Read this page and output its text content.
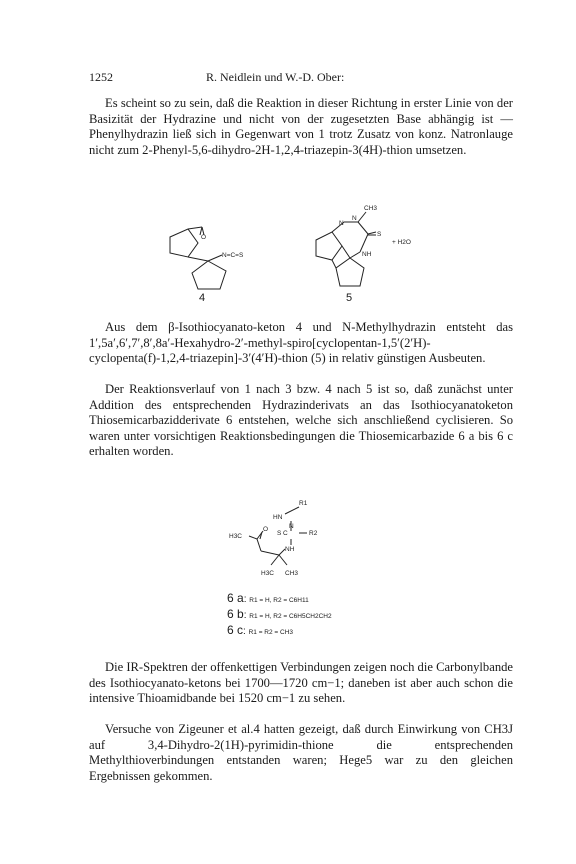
1252	R. Neidlein und W.-D. Ober:
Es scheint so zu sein, daß die Reaktion in dieser Richtung in erster Linie von der Basizität der Hydrazine und nicht von der zugesetzten Base abhängig ist — Phenylhydrazin ließ sich in Gegenwart von 1 trotz Zusatz von konz. Natronlauge nicht zum 2-Phenyl-5,6-dihydro-2H-1,2,4-triazepin-3(4H)-thion umsetzen.
O
N=C=S
4
CH3
N
N
S
NH
+ H2O
5
Aus dem β-Isothiocyanato-keton 4 und N-Methylhydrazin entsteht das 1′,5a′,6′,7′,8′,8a′-Hexahydro-2′-methyl-spiro[cyclopentan-1,5′(2′H)-cyclopenta(f)-1,2,4-triazepin]-3′(4′H)-thion (5) in relativ günstigen Ausbeuten.
Der Reaktionsverlauf von 1 nach 3 bzw. 4 nach 5 ist so, daß zunächst unter Addition des entsprechenden Hydrazinderivats an das Isothiocyanatoketon Thiosemicarbazidderivate 6 entstehen, welche sich anschließend cyclisieren. So waren unter vorsichtigen Reaktionsbedingungen die Thiosemicarbazide 6 a bis 6 c erhalten worden.
HN
R1
H3C
O
S C
N
R2
NH
H3C CH3
6 a: R1 = H, R2 = C6H11
6 b: R1 = H, R2 = C6H5CH2CH2
6 c: R1 = R2 = CH3
Die IR-Spektren der offenkettigen Verbindungen zeigen noch die Carbonylbande des Isothiocyanato-ketons bei 1700—1720 cm−1; daneben ist aber auch schon die intensive Thioamidbande bei 1520 cm−1 zu sehen.
Versuche von Zigeuner et al.4 hatten gezeigt, daß durch Einwirkung von CH3J auf 3,4-Dihydro-2(1H)-pyrimidin-thione die entsprechenden Methylthioverbindungen entstanden waren; Hege5 war zu den gleichen Ergebnissen gekommen.
